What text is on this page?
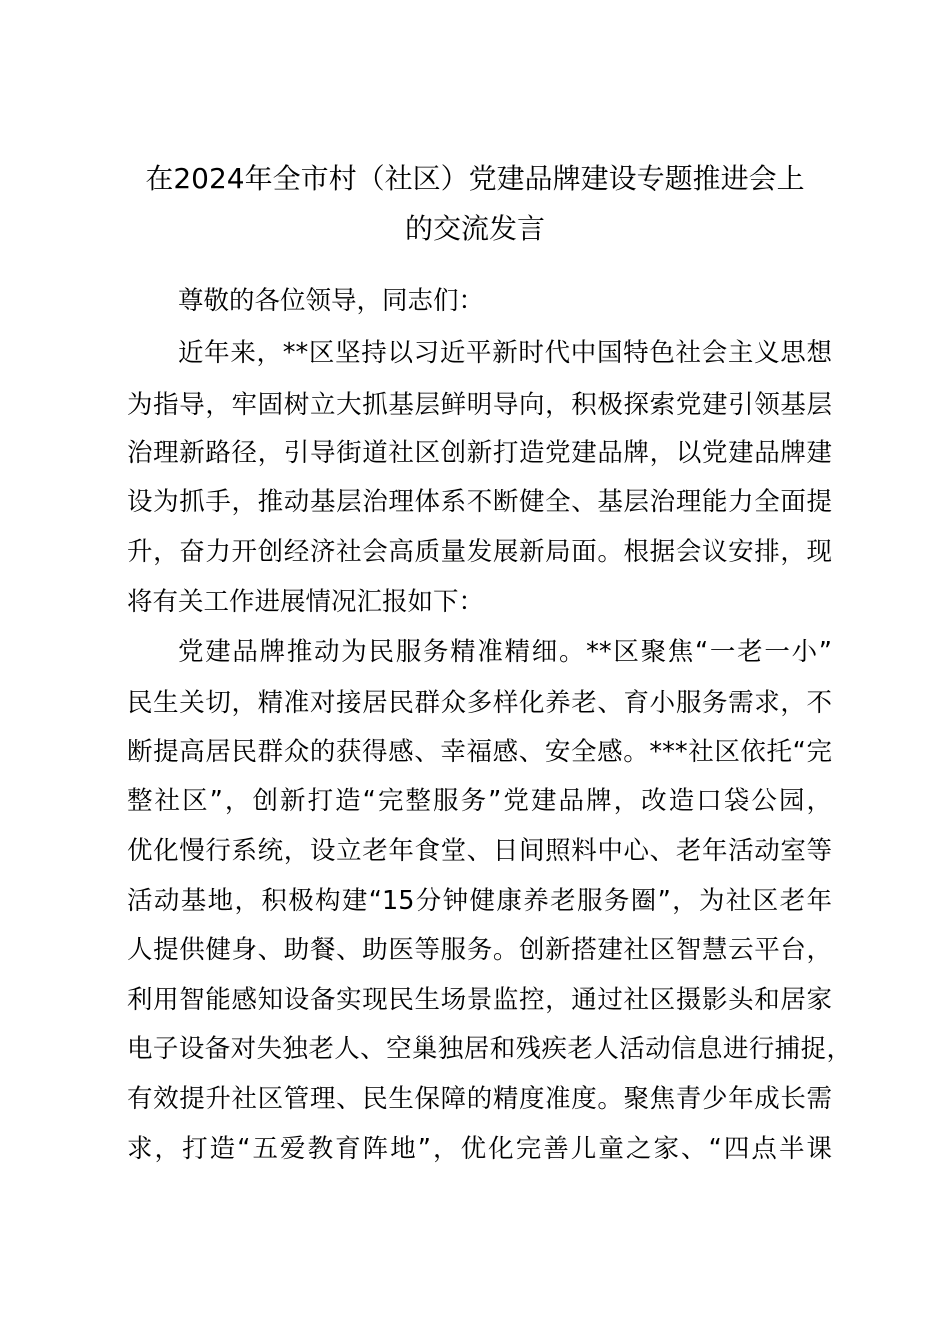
在2024年全市村（社区）党建品牌建设专题推进会上
的交流发言
尊敬的各位领导，同志们：
近年来，**区坚持以习近平新时代中国特色社会主义思想
为指导，牢固树立大抓基层鲜明导向，积极探索党建引领基层
治理新路径，引导街道社区创新打造党建品牌，以党建品牌建
设为抓手，推动基层治理体系不断健全、基层治理能力全面提
升，奋力开创经济社会高质量发展新局面。根据会议安排，现
将有关工作进展情况汇报如下：
党建品牌推动为民服务精准精细。**区聚焦“一老一小”
民生关切，精准对接居民群众多样化养老、育小服务需求，不
断提高居民群众的获得感、幸福感、安全感。***社区依托“完
整社区”，创新打造“完整服务”党建品牌，改造口袋公园，
优化慢行系统，设立老年食堂、日间照料中心、老年活动室等
活动基地，积极构建“15分钟健康养老服务圈”，为社区老年
人提供健身、助餐、助医等服务。创新搭建社区智慧云平台，
利用智能感知设备实现民生场景监控，通过社区摄影头和居家
电子设备对失独老人、空巢独居和残疾老人活动信息进行捕捉，
有效提升社区管理、民生保障的精度准度。聚焦青少年成长需
求，打造“五爱教育阵地”，优化完善儿童之家、“四点半课
